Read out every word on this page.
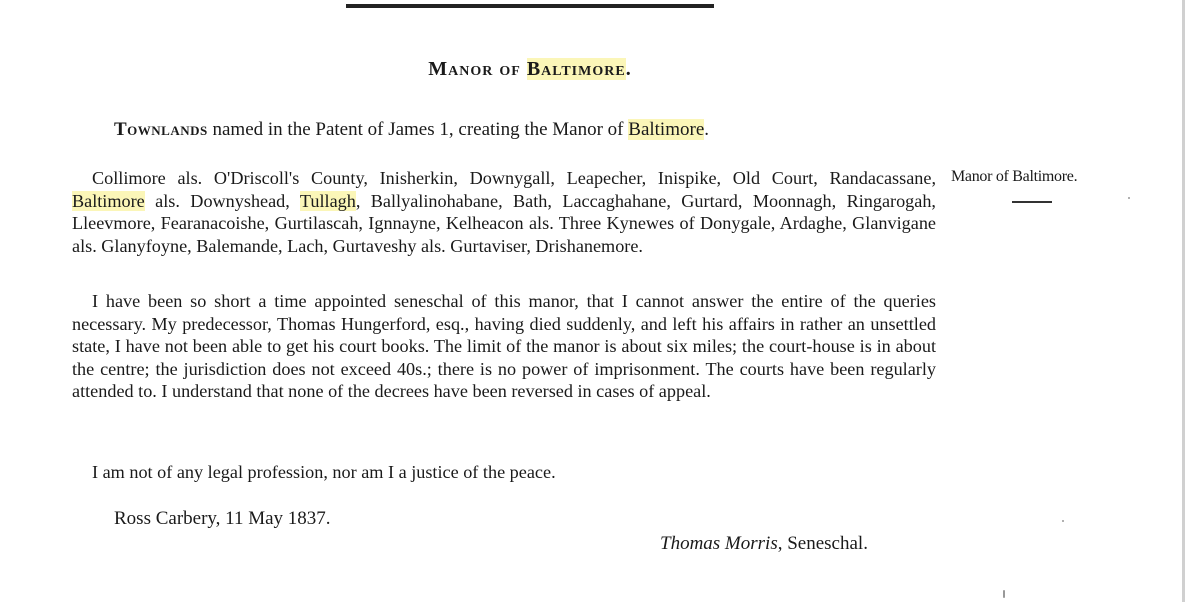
Manor of Baltimore.
Townlands named in the Patent of James 1, creating the Manor of Baltimore.

Collimore als. O'Driscoll's County, Inisherkin, Downygall, Leapecher, Inispike, Old Court, Randacassane, Baltimore als. Downyshead, Tullagh, Ballyalinohabane, Bath, Laccaghahane, Gurtard, Moonnagh, Ringarogah, Lleevmore, Fearanacoishe, Gurtilascah, Ignnayne, Kelheacon als. Three Kynewes of Donygale, Ardaghe, Glanvigane als. Glanyfoyne, Balemande, Lach, Gurtaveshy als. Gurtaviser, Drishanemore.

Manor of Baltimore.

I have been so short a time appointed seneschal of this manor, that I cannot answer the entire of the queries necessary. My predecessor, Thomas Hungerford, esq., having died suddenly, and left his affairs in rather an unsettled state, I have not been able to get his court books. The limit of the manor is about six miles; the court-house is in about the centre; the jurisdiction does not exceed 40s.; there is no power of imprisonment. The courts have been regularly attended to. I understand that none of the decrees have been reversed in cases of appeal.

I am not of any legal profession, nor am I a justice of the peace.

Ross Carbery, 11 May 1837.
Thomas Morris, Seneschal.
